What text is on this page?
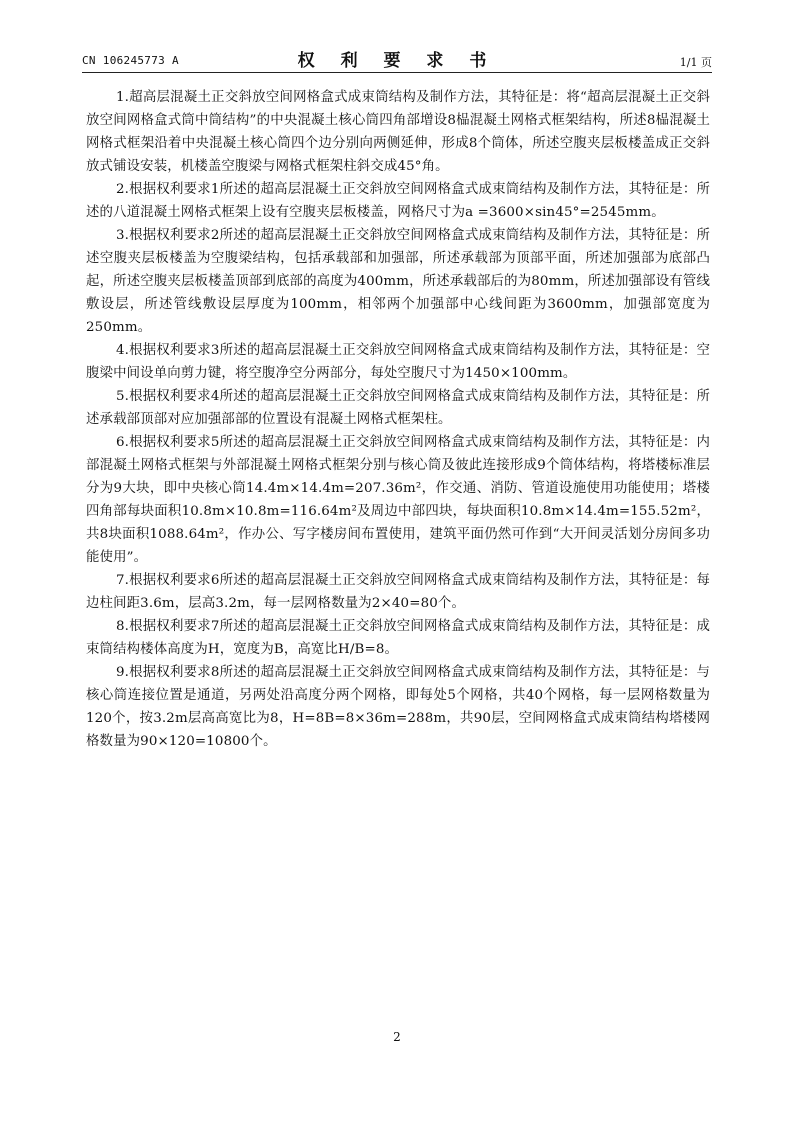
CN 106245773 A	权 利 要 求 书	1/1 页

1.超高层混凝土正交斜放空间网格盒式成束筒结构及制作方法，其特征是：将“超高层混凝土正交斜放空间网格盒式筒中筒结构”的中央混凝土核心筒四角部增设8榀混凝土网格式框架结构，所述8榀混凝土网格式框架沿着中央混凝土核心筒四个边分别向两侧延伸，形成8个筒体，所述空腹夹层板楼盖成正交斜放式铺设安装，机楼盖空腹梁与网格式框架柱斜交成45°角。

2.根据权利要求1所述的超高层混凝土正交斜放空间网格盒式成束筒结构及制作方法，其特征是：所述的八道混凝土网格式框架上设有空腹夹层板楼盖，网格尺寸为a =3600×sin45°=2545mm。

3.根据权利要求2所述的超高层混凝土正交斜放空间网格盒式成束筒结构及制作方法，其特征是：所述空腹夹层板楼盖为空腹梁结构，包括承载部和加强部，所述承载部为顶部平面，所述加强部为底部凸起，所述空腹夹层板楼盖顶部到底部的高度为400mm，所述承载部后的为80mm，所述加强部设有管线敷设层，所述管线敷设层厚度为100mm，相邻两个加强部中心线间距为3600mm，加强部宽度为250mm。

4.根据权利要求3所述的超高层混凝土正交斜放空间网格盒式成束筒结构及制作方法，其特征是：空腹梁中间设单向剪力键，将空腹净空分两部分，每处空腹尺寸为1450×100mm。

5.根据权利要求4所述的超高层混凝土正交斜放空间网格盒式成束筒结构及制作方法，其特征是：所述承载部顶部对应加强部部的位置设有混凝土网格式框架柱。

6.根据权利要求5所述的超高层混凝土正交斜放空间网格盒式成束筒结构及制作方法，其特征是：内部混凝土网格式框架与外部混凝土网格式框架分别与核心筒及彼此连接形成9个筒体结构，将塔楼标准层分为9大块，即中央核心筒14.4m×14.4m=207.36m²，作交通、消防、管道设施使用功能使用；塔楼四角部每块面积10.8m×10.8m=116.64m²及周边中部四块，每块面积10.8m×14.4m=155.52m²，共8块面积1088.64m²，作办公、写字楼房间布置使用，建筑平面仍然可作到“大开间灵活划分房间多功能使用”。

7.根据权利要求6所述的超高层混凝土正交斜放空间网格盒式成束筒结构及制作方法，其特征是：每边柱间距3.6m，层高3.2m，每一层网格数量为2×40=80个。

8.根据权利要求7所述的超高层混凝土正交斜放空间网格盒式成束筒结构及制作方法，其特征是：成束筒结构楼体高度为H，宽度为B，高宽比H/B=8。

9.根据权利要求8所述的超高层混凝土正交斜放空间网格盒式成束筒结构及制作方法，其特征是：与核心筒连接位置是通道，另两处沿高度分两个网格，即每处5个网格，共40个网格，每一层网格数量为120个，按3.2m层高高宽比为8，H=8B=8×36m=288m，共90层，空间网格盒式成束筒结构塔楼网格数量为90×120=10800个。

2
